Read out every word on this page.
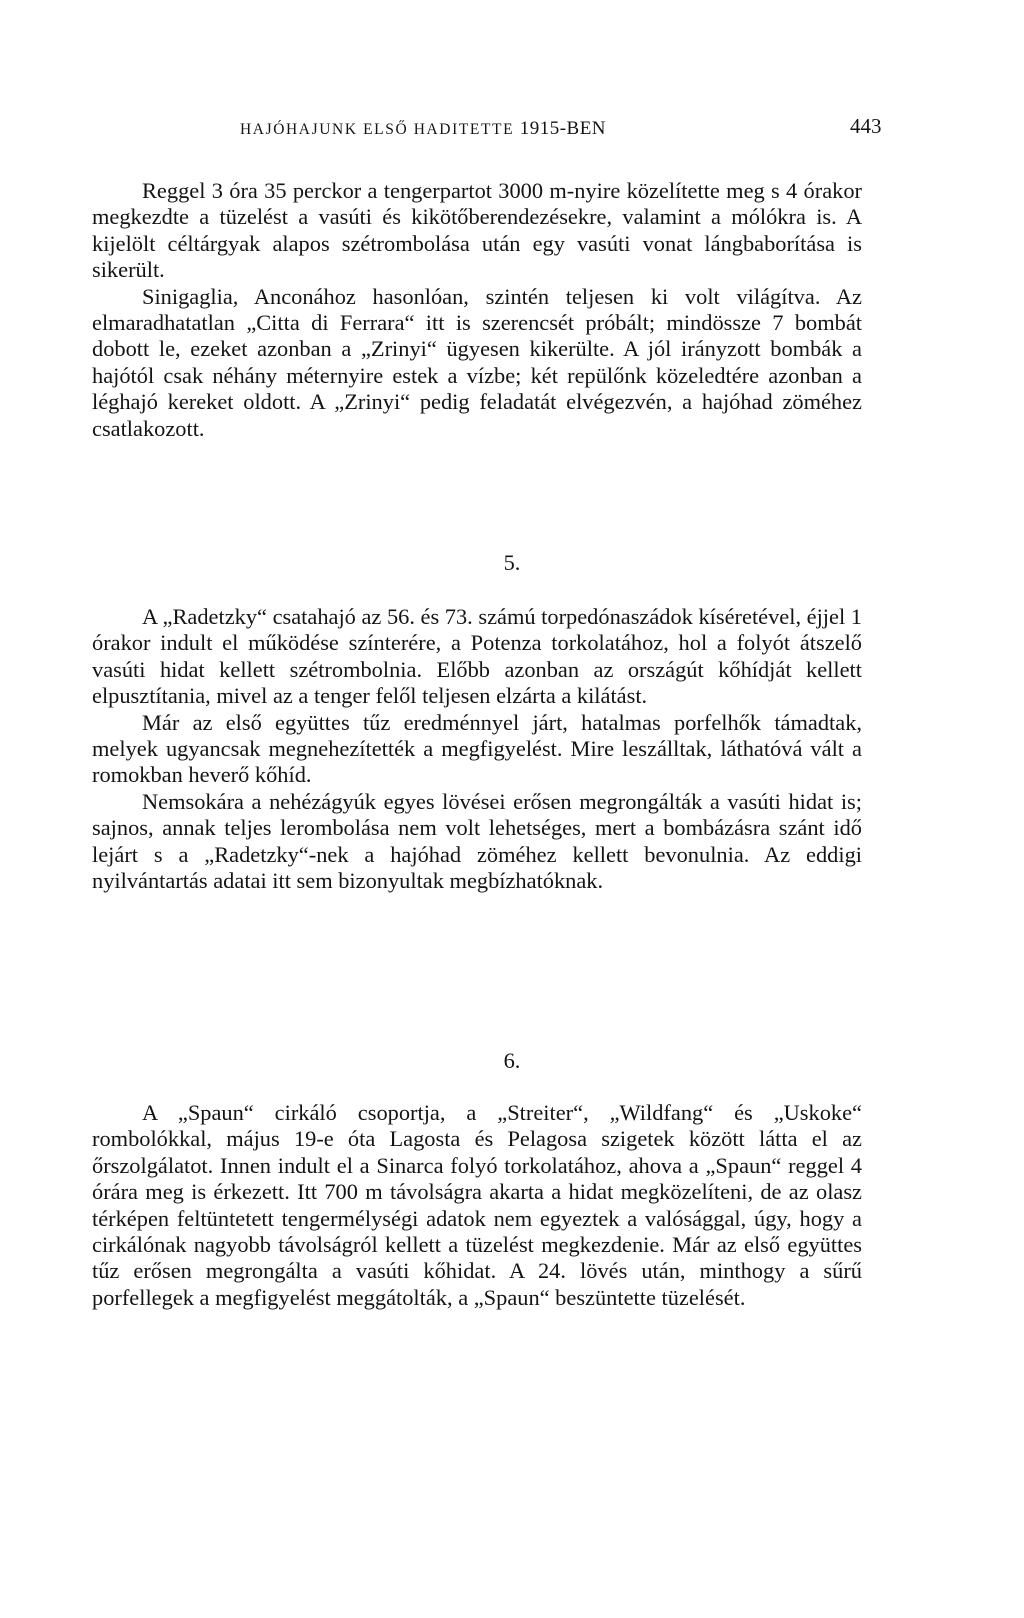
HAJÓHAJUNK ELSŐ HADITETTE 1915-BEN	443

Reggel 3 óra 35 perckor a tengerpartot 3000 m-nyire közelítette meg s 4 órakor megkezdte a tüzelést a vasúti és kikötőberendezésekre, valamint a mólókra is. A kijelölt céltárgyak alapos szétrombolása után egy vasúti vonat lángbaborítása is sikerült.

Sinigaglia, Anconához hasonlóan, szintén teljesen ki volt világítva. Az elmaradhatatlan „Citta di Ferrara“ itt is szerencsét próbált; mindössze 7 bombát dobott le, ezeket azonban a „Zrinyi“ ügyesen kikerülte. A jól irányzott bombák a hajótól csak néhány méternyire estek a vízbe; két repülőnk közeledtére azonban a léghajó kereket oldott. A „Zrinyi“ pedig feladatát elvégezvén, a hajóhad zöméhez csatlakozott.

5.

A „Radetzky“ csatahajó az 56. és 73. számú torpedónaszádok kíséretével, éjjel 1 órakor indult el működése színterére, a Potenza torkolatához, hol a folyót átszelő vasúti hidat kellett szétrombolnia. Előbb azonban az országút kőhídját kellett elpusztítania, mivel az a tenger felől teljesen elzárta a kilátást.

Már az első együttes tűz eredménnyel járt, hatalmas porfelhők támadtak, melyek ugyancsak megnehezítették a megfigyelést. Mire leszálltak, láthatóvá vált a romokban heverő kőhíd.

Nemsokára a nehézágyúk egyes lövései erősen megrongálták a vasúti hidat is; sajnos, annak teljes lerombolása nem volt lehetséges, mert a bombázásra szánt idő lejárt s a „Radetzky“-nek a hajóhad zöméhez kellett bevonulnia. Az eddigi nyilvántartás adatai itt sem bizonyultak megbízhatóknak.

6.

A „Spaun“ cirkáló csoportja, a „Streiter“, „Wildfang“ és „Uskoke“ rombolókkal, május 19-e óta Lagosta és Pelagosa szigetek között látta el az őrszolgálatot. Innen indult el a Sinarca folyó torkolatához, ahova a „Spaun“ reggel 4 órára meg is érkezett. Itt 700 m távolságra akarta a hidat megközelíteni, de az olasz térképen feltüntetett tengermélységi adatok nem egyeztek a valósággal, úgy, hogy a cirkálónak nagyobb távolságról kellett a tüzelést megkezdenie. Már az első együttes tűz erősen megrongálta a vasúti kőhidat. A 24. lövés után, minthogy a sűrű porfellegek a megfigyelést meggátolták, a „Spaun“ beszüntette tüzelését.
